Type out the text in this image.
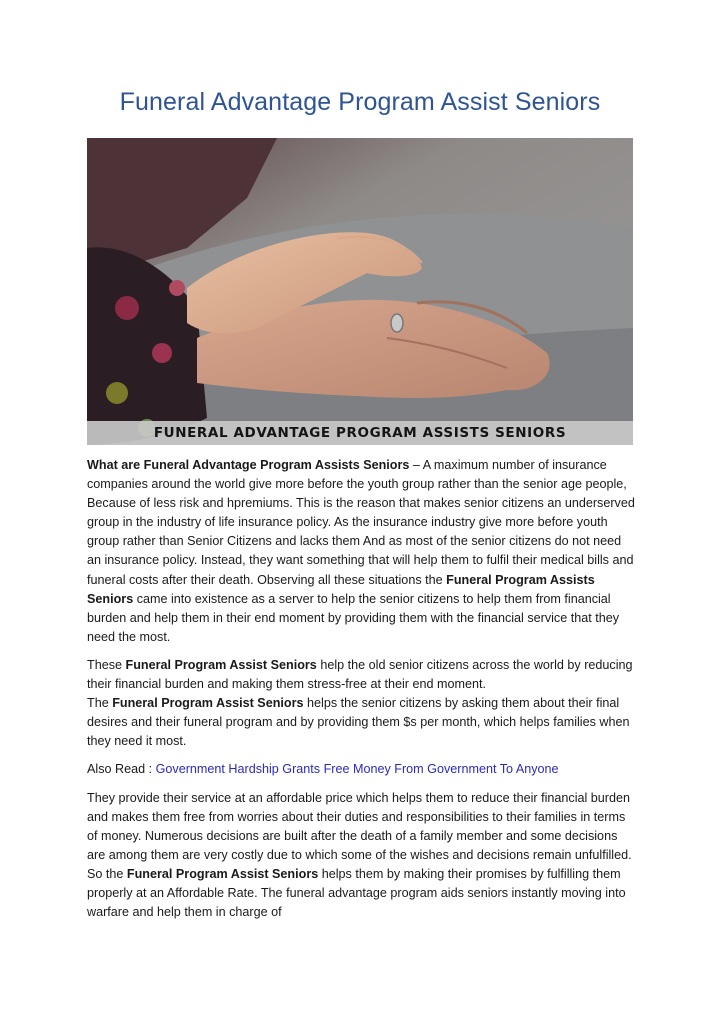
Funeral Advantage Program Assist Seniors
FUNERAL ADVANTAGE PROGRAM ASSISTS SENIORS

What are Funeral Advantage Program Assists Seniors – A maximum number of insurance companies around the world give more before the youth group rather than the senior age people, Because of less risk and hpremiums. This is the reason that makes senior citizens an underserved group in the industry of life insurance policy. As the insurance industry give more before youth group rather than Senior Citizens and lacks them And as most of the senior citizens do not need an insurance policy. Instead, they want something that will help them to fulfil their medical bills and funeral costs after their death. Observing all these situations the Funeral Program Assists Seniors came into existence as a server to help the senior citizens to help them from financial burden and help them in their end moment by providing them with the financial service that they need the most.

These Funeral Program Assist Seniors help the old senior citizens across the world by reducing their financial burden and making them stress-free at their end moment.
The Funeral Program Assist Seniors helps the senior citizens by asking them about their final desires and their funeral program and by providing them $s per month, which helps families when they need it most.

Also Read : Government Hardship Grants Free Money From Government To Anyone

They provide their service at an affordable price which helps them to reduce their financial burden and makes them free from worries about their duties and responsibilities to their families in terms of money. Numerous decisions are built after the death of a family member and some decisions are among them are very costly due to which some of the wishes and decisions remain unfulfilled. So the Funeral Program Assist Seniors helps them by making their promises by fulfilling them properly at an Affordable Rate. The funeral advantage program aids seniors instantly moving into warfare and help them in charge of
